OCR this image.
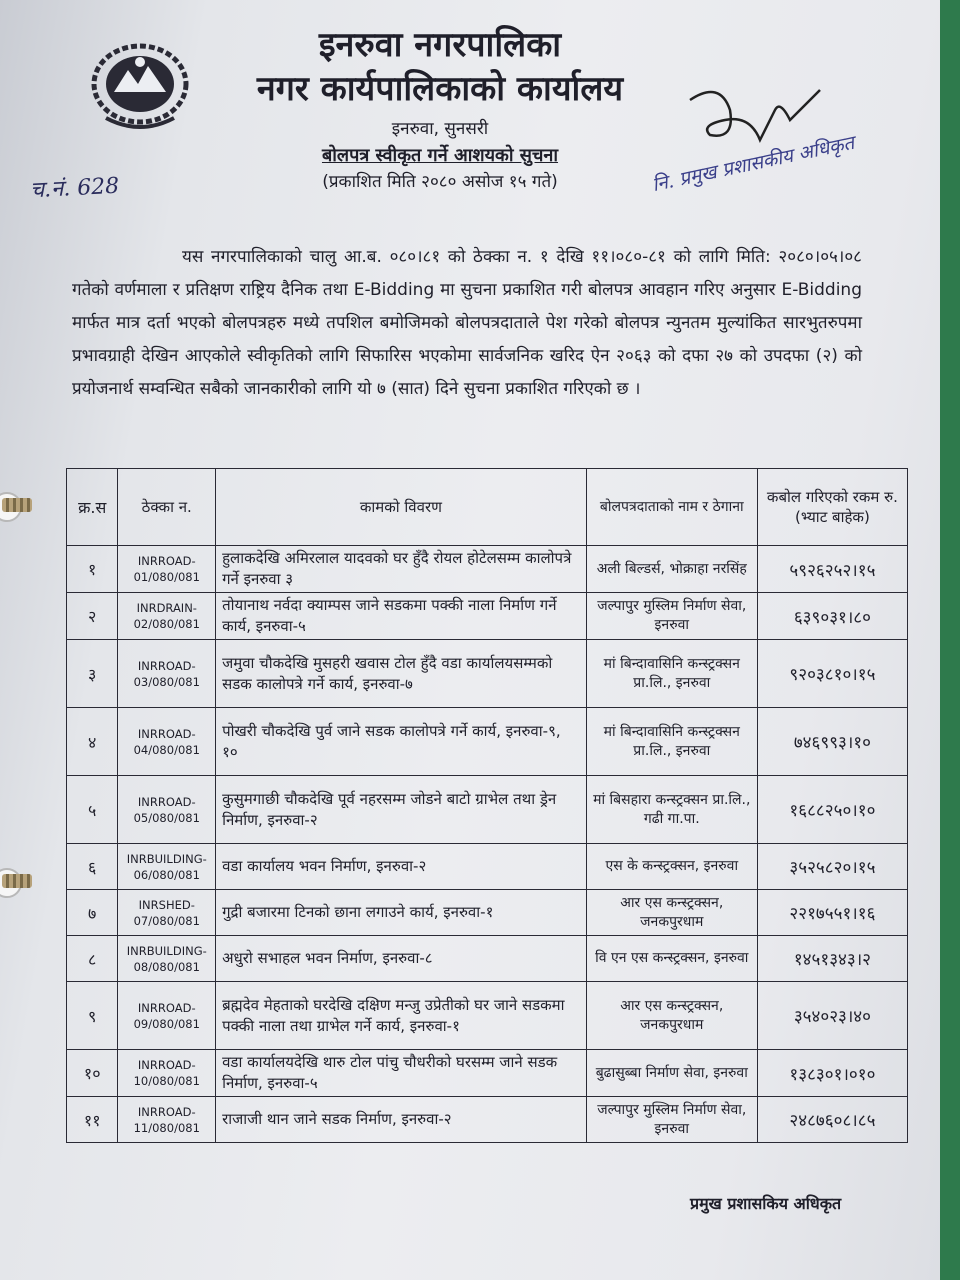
इनरुवा नगरपालिका
नगर कार्यपालिकाको कार्यालय
इनरुवा, सुनसरी
बोलपत्र स्वीकृत गर्ने आशयको सुचना
(प्रकाशित मिति २०८० असोज १५ गते)
च.नं. 628	नि. प्रमुख प्रशासकीय अधिकृत

यस नगरपालिकाको चालु आ.ब. ०८०।८१ को ठेक्का न. १ देखि ११।०८०-८१ को लागि मिति: २०८०।०५।०८ गतेको वर्णमाला र प्रतिक्षण राष्ट्रिय दैनिक तथा E-Bidding मा सुचना प्रकाशित गरी बोलपत्र आवहान गरिए अनुसार E-Bidding मार्फत मात्र दर्ता भएको बोलपत्रहरु मध्ये तपशिल बमोजिमको बोलपत्रदाताले पेश गरेको बोलपत्र न्युनतम मुल्यांकित सारभुतरुपमा प्रभावग्राही देखिन आएकोले स्वीकृतिको लागि सिफारिस भएकोमा सार्वजनिक खरिद ऐन २०६३ को दफा २७ को उपदफा (२) को प्रयोजनार्थ सम्वन्धित सबैको जानकारीको लागि यो ७ (सात) दिने सुचना प्रकाशित गरिएको छ ।

क्र.स	ठेक्का न.	कामको विवरण	बोलपत्रदाताको नाम र ठेगाना	कबोल गरिएको रकम रु. (भ्याट बाहेक)
१	INRROAD-01/080/081	हुलाकदेखि अमिरलाल यादवको घर हुँदै रोयल होटेलसम्म कालोपत्रे गर्ने इनरुवा ३	अली बिल्डर्स, भोक्राहा नरसिंह	५९२६२५२।१५
२	INRDRAIN-02/080/081	तोयानाथ नर्वदा क्याम्पस जाने सडकमा पक्की नाला निर्माण गर्ने कार्य, इनरुवा-५	जल्पापुर मुस्लिम निर्माण सेवा, इनरुवा	६३९०३१।८०
३	INRROAD-03/080/081	जमुवा चौकदेखि मुसहरी खवास टोल हुँदै वडा कार्यालयसम्मको सडक कालोपत्रे गर्ने कार्य, इनरुवा-७	मां बिन्दावासिनि कन्स्ट्रक्सन प्रा.लि., इनरुवा	९२०३८१०।१५
४	INRROAD-04/080/081	पोखरी चौकदेखि पुर्व जाने सडक कालोपत्रे गर्ने कार्य, इनरुवा-९, १०	मां बिन्दावासिनि कन्स्ट्रक्सन प्रा.लि., इनरुवा	७४६९९३।१०
५	INRROAD-05/080/081	कुसुमगाछी चौकदेखि पूर्व नहरसम्म जोडने बाटो ग्राभेल तथा ड्रेन निर्माण, इनरुवा-२	मां बिसहारा कन्स्ट्रक्सन प्रा.लि., गढी गा.पा.	१६८८२५०।१०
६	INRBUILDING-06/080/081	वडा कार्यालय भवन निर्माण, इनरुवा-२	एस के कन्स्ट्रक्सन, इनरुवा	३५२५८२०।१५
७	INRSHED-07/080/081	गुद्री बजारमा टिनको छाना लगाउने कार्य, इनरुवा-१	आर एस कन्स्ट्रक्सन, जनकपुरधाम	२२१७५५१।१६
८	INRBUILDING-08/080/081	अधुरो सभाहल भवन निर्माण, इनरुवा-८	वि एन एस कन्स्ट्रक्सन, इनरुवा	१४५१३४३।२
९	INRROAD-09/080/081	ब्रह्मदेव मेहताको घरदेखि दक्षिण मन्जु उप्रेतीको घर जाने सडकमा पक्की नाला तथा ग्राभेल गर्ने कार्य, इनरुवा-१	आर एस कन्स्ट्रक्सन, जनकपुरधाम	३५४०२३।४०
१०	INRROAD-10/080/081	वडा कार्यालयदेखि थारु टोल पांचु चौधरीको घरसम्म जाने सडक निर्माण, इनरुवा-५	बुढासुब्बा निर्माण सेवा, इनरुवा	१३८३०१।०१०
११	INRROAD-11/080/081	राजाजी थान जाने सडक निर्माण, इनरुवा-२	जल्पापुर मुस्लिम निर्माण सेवा, इनरुवा	२४८७६०८।८५
प्रमुख प्रशासकिय अधिकृत
